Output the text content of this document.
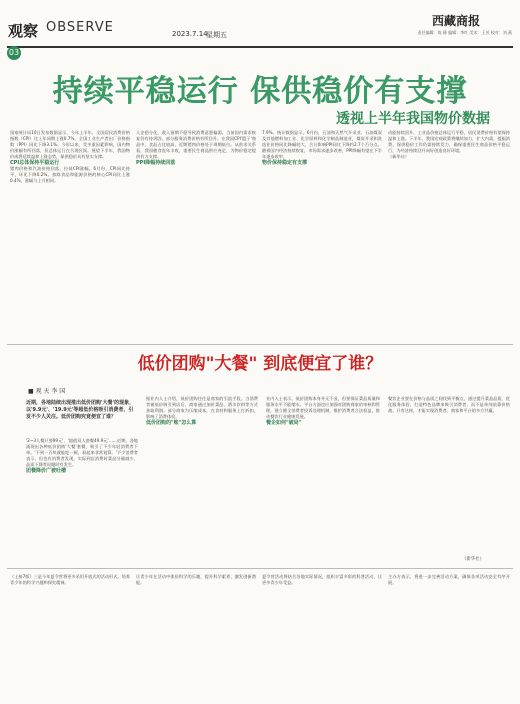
观察 OBSERVE	2023.7.14
星期五
西藏商报
责任编辑：陈 静 编辑：李红 美术：王芳 校对：刘 燕
03
持续平稳运行 保供稳价有支撑
透视上半年我国物价数据
国家统计局10日发布数据显示，今年上半年，全国居民消费价格指数（CPI）比上年同期上涨0.7%，全国工业生产者出厂价格指数（PPI）同比下降3.1%。今年以来，受多重因素影响，国内物价涨幅有所回落，但总体运行在合理区间。展望下半年，我国物价或将延续温和上涨态势，保供稳价具有坚实支撑。
CPI总体保持平稳运行
猪肉价格和汽油价格回落，拉低CPI涨幅。6月份，CPI同比持平，环比下降0.2%。扣除食品和能源价格的核心CPI同比上涨0.4%，涨幅与上月相同。
人企稳分化，收入预期不稳导致消费意愿偏弱。当前国内需求恢复仍有待巩固，部分服务消费价格有所回升。在我国CPI'篮子'商品中，食品占比较高，近期猪肉价格处于周期低位。从供求关系看，我国粮食连年丰收，重要民生商品供应充足，为物价稳定提供有力支撑。
PPI降幅持续回落
7.9%。统计数据显示，6月份，石油和天然气开采业、石油煤炭及其他燃料加工业、化学原料和化学制品制造业，煤炭开采和洗选业价格同比降幅较大，合计影响PPI同比下降约2.7个百分点。随着国内经济持续恢复，市场需求逐步改善，PPI降幅有望在下半年逐步收窄。
物价保持稳定有支撑
动能持续回升，工业品价格总体运行平稳，居民消费价格有望保持温和上涨。下半年，我国宏观政策将继续加力，扩大内需，提振消费，保供稳价工作仍需持续发力，确保重要民生商品价格平稳运行，为经济持续回升向好创造良好环境。
（新华社）
低价团购"大餐" 到底便宜了谁？
■ 观 天 李 国
近期，各地陆续出现推出低价团购'大餐'的现象，以'9.9元'、'19.9元'等超低价格吸引消费者，引发不少人关注。低价团购究竟便宜了谁？
'2~3人餐只要99元'、'超值双人套餐49.9元'……近期，各地涌现出各种低价团购'大餐'套餐，吸引了不少年轻消费者下单。'不到一百块就能吃一顿，看起来非常划算。'不少消费者表示。但也有消费者发现，实际到店消费时菜品分量减少、品质下降等问题时有发生。
团餐降价广被吐槽
据业内人士介绍，低价团购往往是商家的引流手段。当消费者被低价吸引到店后，商家通过加价菜品、酒水饮料等方式获取利润。部分商家为压缩成本，在食材和服务上打折扣，影响了消费体验。
低价团购的"账"怎么算
业内人士表示，低价团购本身并无不妥，但要保证菜品质量和服务水平不能缩水。平台方面也应加强对团购商家的审核和管理，建立健全消费者投诉处理机制，维护消费者合法权益，推动餐饮行业健康发展。
餐企如何"破局"
餐饮企业要在价格与品质之间找到平衡点，通过提升菜品品质、优化服务体验、打造特色品牌来吸引消费者，而不是单纯依靠价格战。只有这样，才能实现消费者、商家和平台的多方共赢。
（新华社）
（上接7版）三是今年夏令营将更多采用开放式的活动形式，培养青少年的科学兴趣和探究精神。
让青少年在活动中体验科学的乐趣，提升科学素养，激发创新潜能。
夏令营活动将结合各地实际情况，组织丰富多彩的科普活动，让更多青少年受益。
主办方表示，将进一步完善活动方案，确保各项活动安全有序开展。
